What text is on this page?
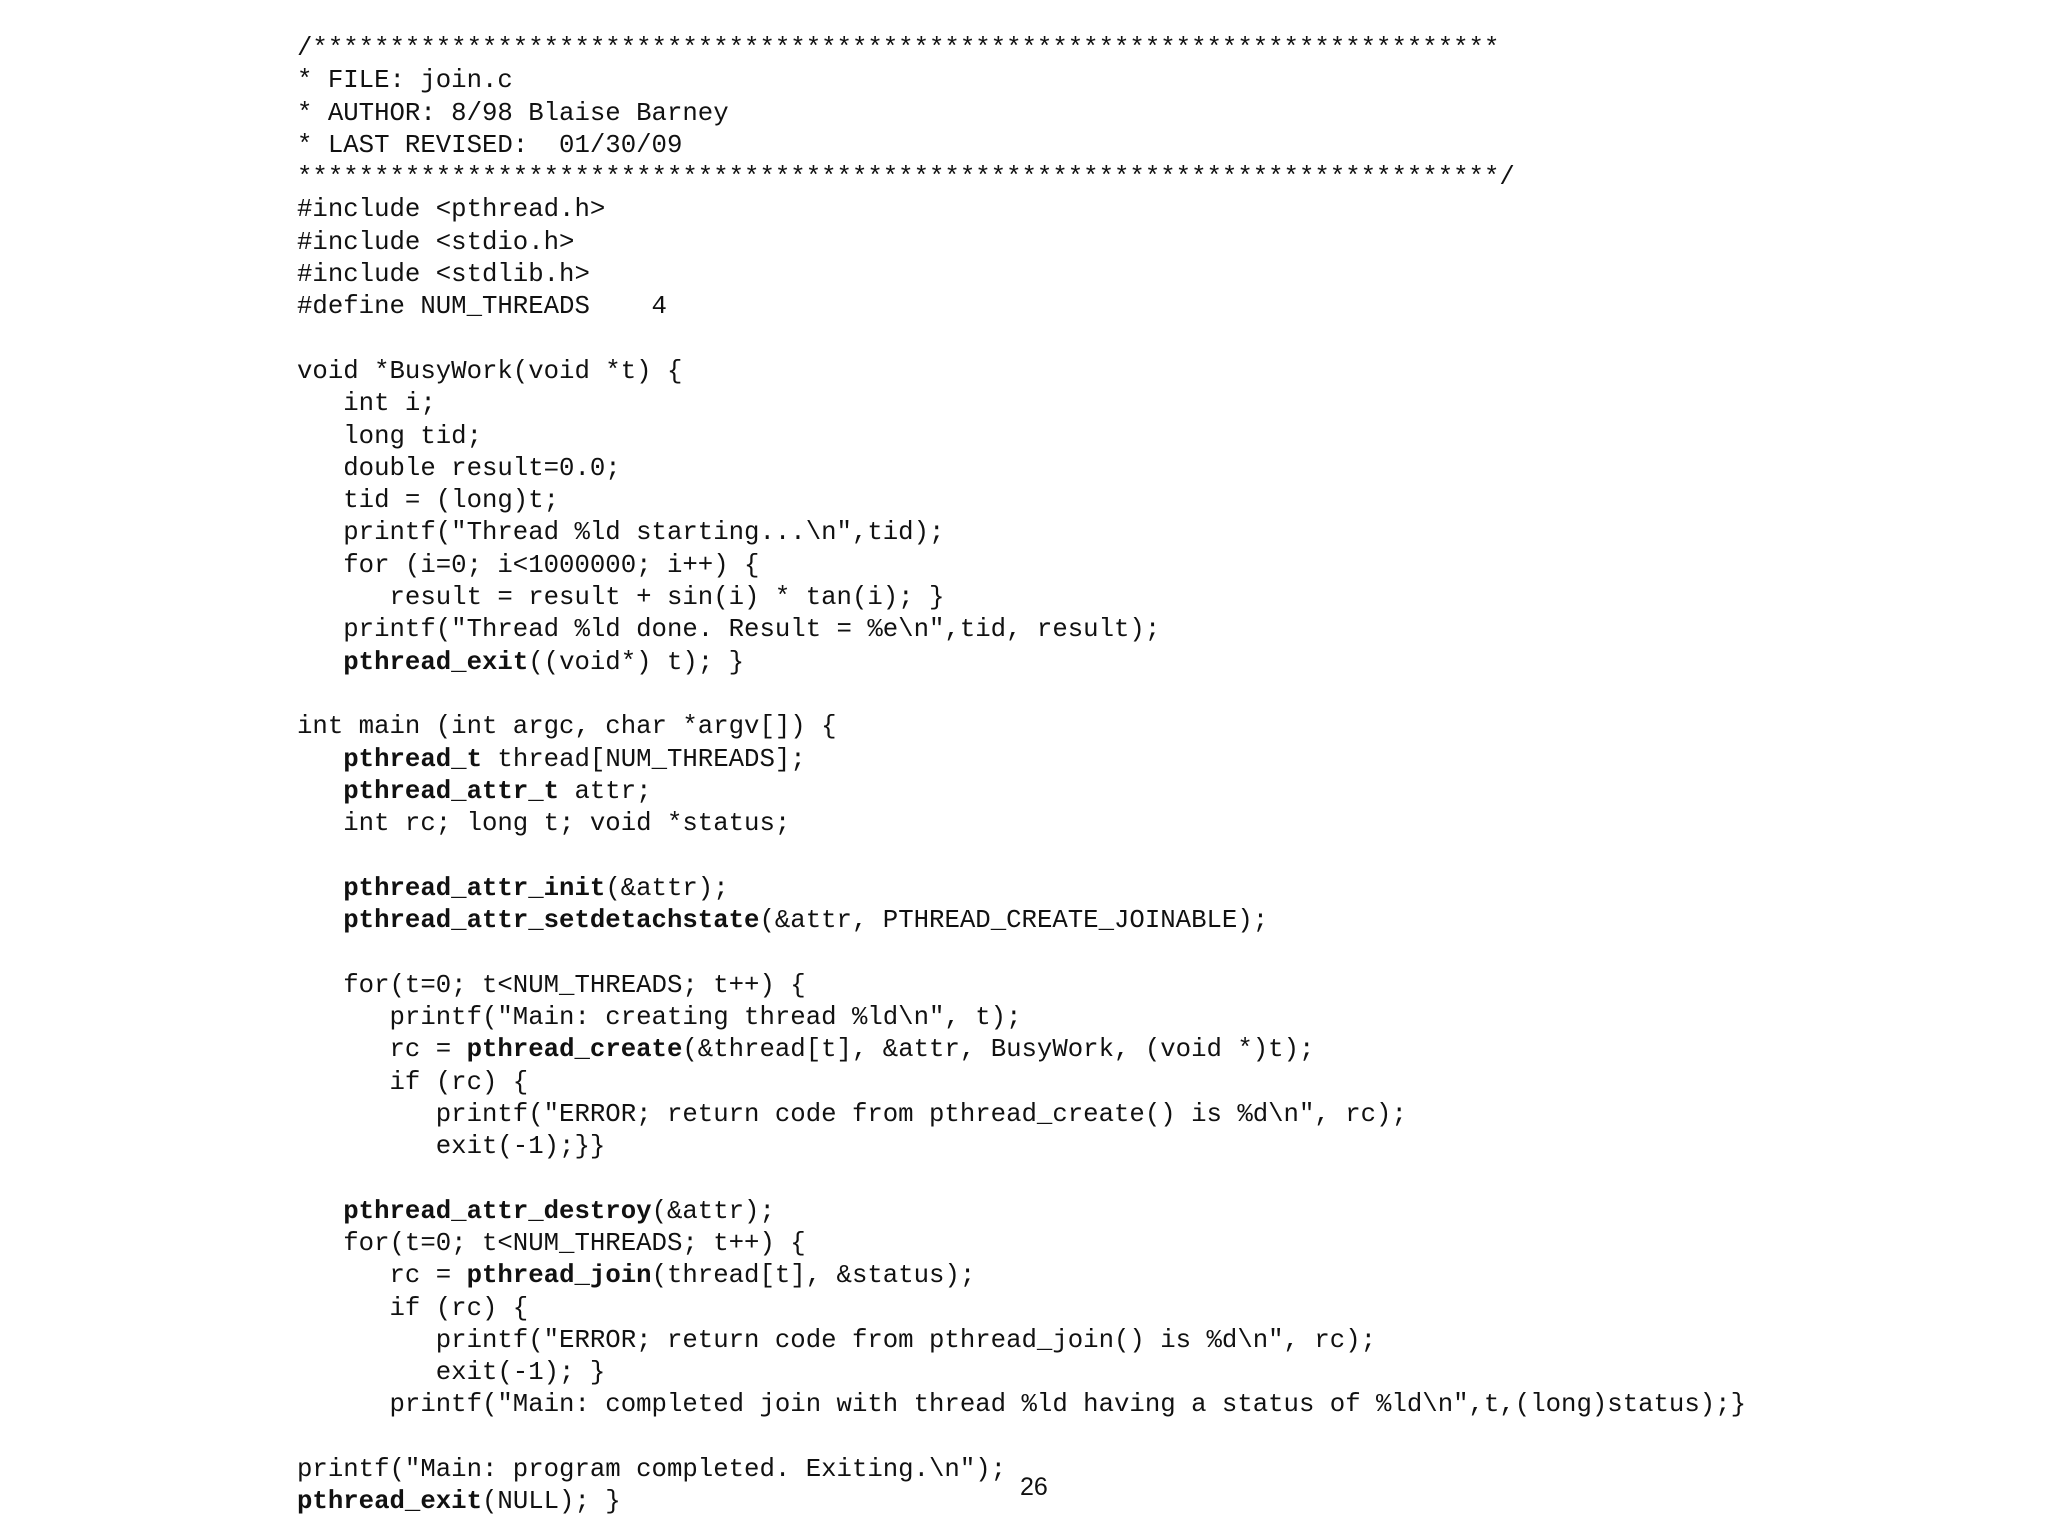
/*****************************************************************************
* FILE: join.c
* AUTHOR: 8/98 Blaise Barney
* LAST REVISED:  01/30/09
******************************************************************************/
#include <pthread.h>
#include <stdio.h>
#include <stdlib.h>
#define NUM_THREADS    4
void *BusyWork(void *t) {
int i;
long tid;
double result=0.0;
tid = (long)t;
printf("Thread %ld starting...\n",tid);
for (i=0; i<1000000; i++) {
result = result + sin(i) * tan(i); }
printf("Thread %ld done. Result = %e\n",tid, result);
pthread_exit((void*) t); }
int main (int argc, char *argv[]) {
pthread_t thread[NUM_THREADS];
pthread_attr_t attr;
int rc; long t; void *status;
pthread_attr_init(&attr);
pthread_attr_setdetachstate(&attr, PTHREAD_CREATE_JOINABLE);
for(t=0; t<NUM_THREADS; t++) {
printf("Main: creating thread %ld\n", t);
rc = pthread_create(&thread[t], &attr, BusyWork, (void *)t);
if (rc) {
printf("ERROR; return code from pthread_create() is %d\n", rc);
exit(-1);}}
pthread_attr_destroy(&attr);
for(t=0; t<NUM_THREADS; t++) {
rc = pthread_join(thread[t], &status);
if (rc) {
printf("ERROR; return code from pthread_join() is %d\n", rc);
exit(-1); }
printf("Main: completed join with thread %ld having a status of %ld\n",t,(long)status);}
printf("Main: program completed. Exiting.\n");
pthread_exit(NULL); }
26
